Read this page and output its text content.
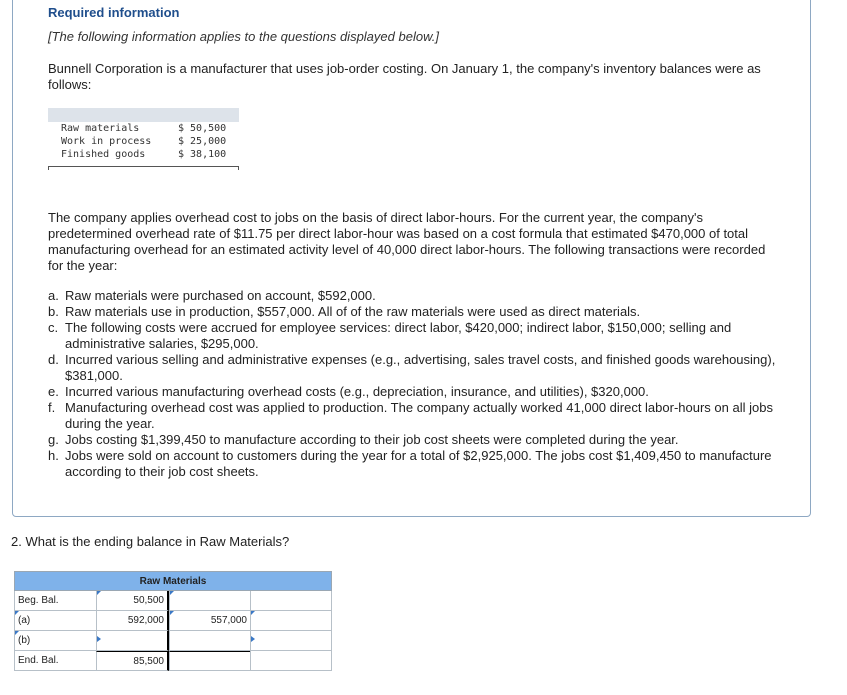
Required information
[The following information applies to the questions displayed below.]
Bunnell Corporation is a manufacturer that uses job-order costing. On January 1, the company's inventory balances were as follows:
Raw materials	$ 50,500
Work in process	$ 25,000
Finished goods	$ 38,100
The company applies overhead cost to jobs on the basis of direct labor-hours. For the current year, the company's predetermined overhead rate of $11.75 per direct labor-hour was based on a cost formula that estimated $470,000 of total manufacturing overhead for an estimated activity level of 40,000 direct labor-hours. The following transactions were recorded for the year:
a. Raw materials were purchased on account, $592,000.
b. Raw materials use in production, $557,000. All of of the raw materials were used as direct materials.
c. The following costs were accrued for employee services: direct labor, $420,000; indirect labor, $150,000; selling and administrative salaries, $295,000.
d. Incurred various selling and administrative expenses (e.g., advertising, sales travel costs, and finished goods warehousing), $381,000.
e. Incurred various manufacturing overhead costs (e.g., depreciation, insurance, and utilities), $320,000.
f. Manufacturing overhead cost was applied to production. The company actually worked 41,000 direct labor-hours on all jobs during the year.
g. Jobs costing $1,399,450 to manufacture according to their job cost sheets were completed during the year.
h. Jobs were sold on account to customers during the year for a total of $2,925,000. The jobs cost $1,409,450 to manufacture according to their job cost sheets.
2. What is the ending balance in Raw Materials?
Raw Materials
Beg. Bal.	50,500
(a)	592,000	557,000
(b)
End. Bal.	85,500
